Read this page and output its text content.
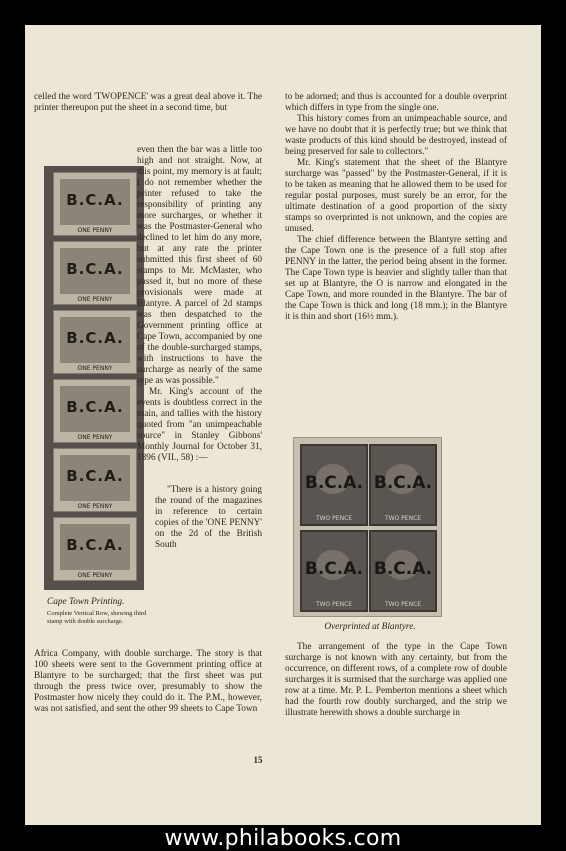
celled the word 'TWOPENCE' was a great deal above it. The printer thereupon put the sheet in a second time, but

B.C.A.
ONE PENNY
B.C.A.
ONE PENNY
B.C.A.
ONE PENNY
B.C.A.
ONE PENNY
B.C.A.
ONE PENNY
B.C.A.
ONE PENNY

even then the bar was a little too high and not straight. Now, at this point, my memory is at fault; I do not remember whether the printer refused to take the responsibility of printing any more surcharges, or whether it was the Postmaster-General who declined to let him do any more, but at any rate the printer submitted this first sheet of 60 stamps to Mr. McMaster, who passed it, but no more of these provisionals were made at Blantyre. A parcel of 2d stamps was then despatched to the Government printing office at Cape Town, accompanied by one of the double-surcharged stamps, with instructions to have the surcharge as nearly of the same type as was possible."

Mr. King's account of the events is doubtless correct in the main, and tallies with the history quoted from "an unimpeachable source" in Stanley Gibbons' Monthly Journal for October 31, 1896 (VII., 58) :—

"There is a history going the round of the magazines in reference to certain copies of the 'ONE PENNY' on the 2d of the British South

Cape Town Printing.
Complete Vertical Row, shewing third stamp with double surcharge.

Africa Company, with double surcharge. The story is that 100 sheets were sent to the Government printing office at Blantyre to be surcharged; that the first sheet was put through the press twice over, presumably to show the Postmaster how nicely they could do it. The P.M., however, was not satisfied, and sent the other 99 sheets to Cape Town

to be adorned; and thus is accounted for a double overprint which differs in type from the single one.

This history comes from an unimpeachable source, and we have no doubt that it is perfectly true; but we think that waste products of this kind should be destroyed, instead of being preserved for sale to collectors."

Mr. King's statement that the sheet of the Blantyre surcharge was "passed" by the Postmaster-General, if it is to be taken as meaning that he allowed them to be used for regular postal purposes, must surely be an error, for the ultimate destination of a good proportion of the sixty stamps so overprinted is not unknown, and the copies are unused.

The chief difference between the Blantyre setting and the Cape Town one is the presence of a full stop after PENNY in the latter, the period being absent in the former. The Cape Town type is heavier and slightly taller than that set up at Blantyre, the O is narrow and elongated in the Cape Town, and more rounded in the Blantyre. The bar of the Cape Town is thick and long (18 mm.); in the Blantyre it is thin and short (16½ mm.).

B.C.A.
TWO PENCE
B.C.A.
TWO PENCE
B.C.A.
TWO PENCE
B.C.A.
TWO PENCE
Overprinted at Blantyre.

The arrangement of the type in the Cape Town surcharge is not known with any certainty, but from the occurrence, on different rows, of a complete row of double surcharges it is surmised that the surcharge was applied one row at a time. Mr. P. L. Pemberton mentions a sheet which had the fourth row doubly surcharged, and the strip we illustrate herewith shows a double surcharge in

15
www.philabooks.com
